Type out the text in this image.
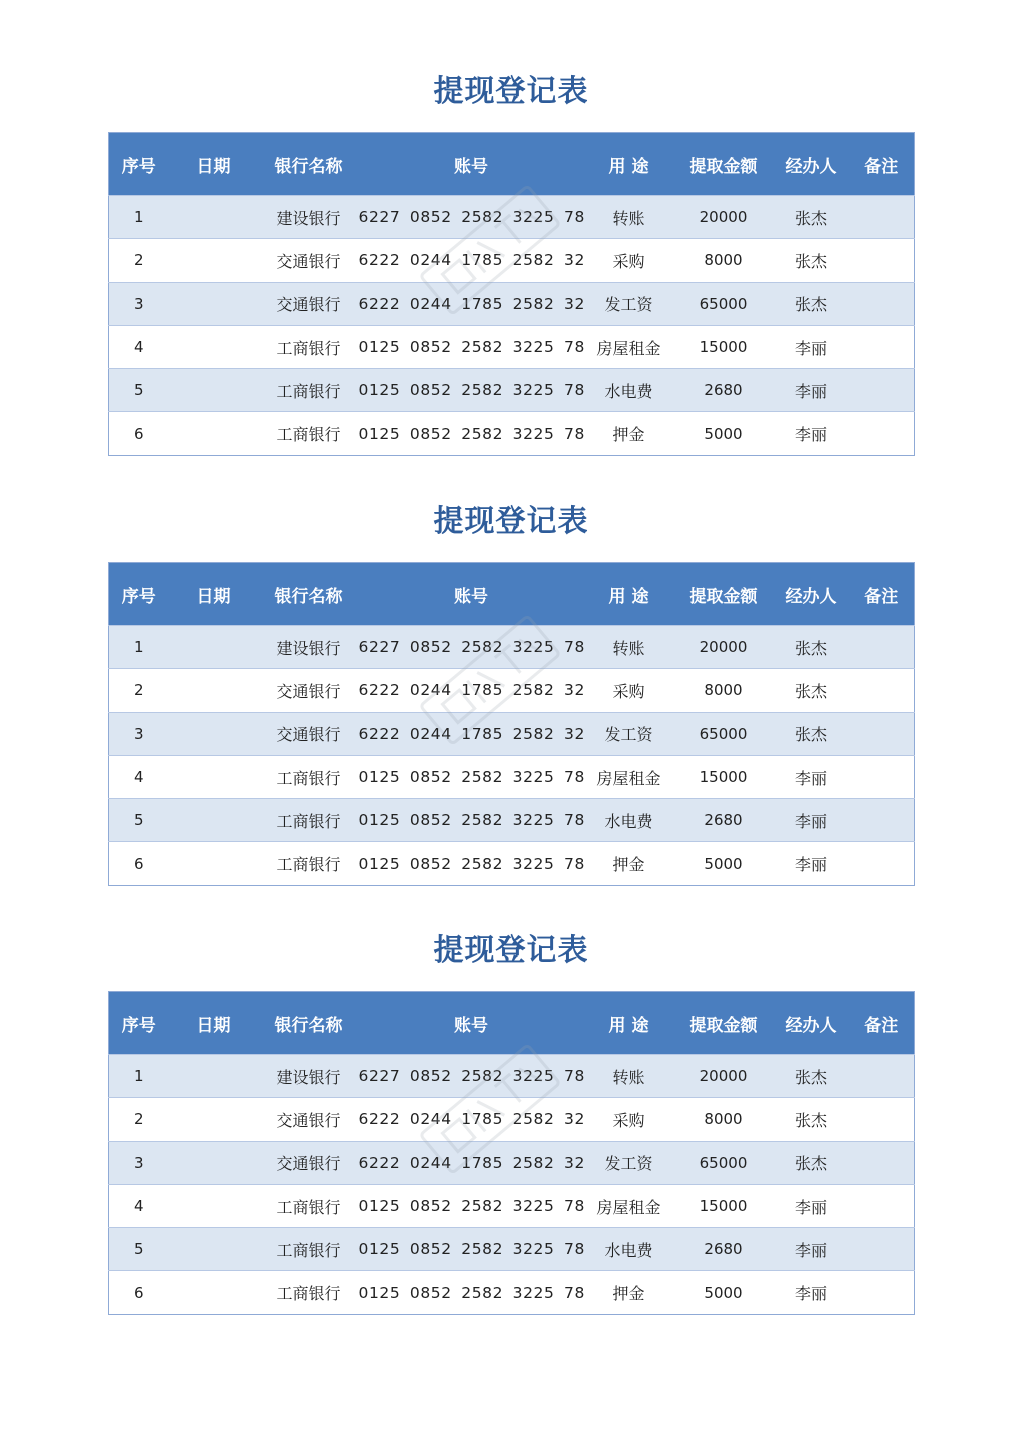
提现登记表
序号	日期	银行名称	账号	用 途	提取金额	经办人	备注
1		建设银行	6227 0852 2582 3225 78	转账	20000	张杰	
2		交通银行	6222 0244 1785 2582 32	采购	8000	张杰	
3		交通银行	6222 0244 1785 2582 32	发工资	65000	张杰	
4		工商银行	0125 0852 2582 3225 78	房屋租金	15000	李丽	
5		工商银行	0125 0852 2582 3225 78	水电费	2680	李丽	
6		工商银行	0125 0852 2582 3225 78	押金	5000	李丽	
提现登记表
序号	日期	银行名称	账号	用 途	提取金额	经办人	备注
1		建设银行	6227 0852 2582 3225 78	转账	20000	张杰	
2		交通银行	6222 0244 1785 2582 32	采购	8000	张杰	
3		交通银行	6222 0244 1785 2582 32	发工资	65000	张杰	
4		工商银行	0125 0852 2582 3225 78	房屋租金	15000	李丽	
5		工商银行	0125 0852 2582 3225 78	水电费	2680	李丽	
6		工商银行	0125 0852 2582 3225 78	押金	5000	李丽	
提现登记表
序号	日期	银行名称	账号	用 途	提取金额	经办人	备注
1		建设银行	6227 0852 2582 3225 78	转账	20000	张杰	
2		交通银行	6222 0244 1785 2582 32	采购	8000	张杰	
3		交通银行	6222 0244 1785 2582 32	发工资	65000	张杰	
4		工商银行	0125 0852 2582 3225 78	房屋租金	15000	李丽	
5		工商银行	0125 0852 2582 3225 78	水电费	2680	李丽	
6		工商银行	0125 0852 2582 3225 78	押金	5000	李丽	
